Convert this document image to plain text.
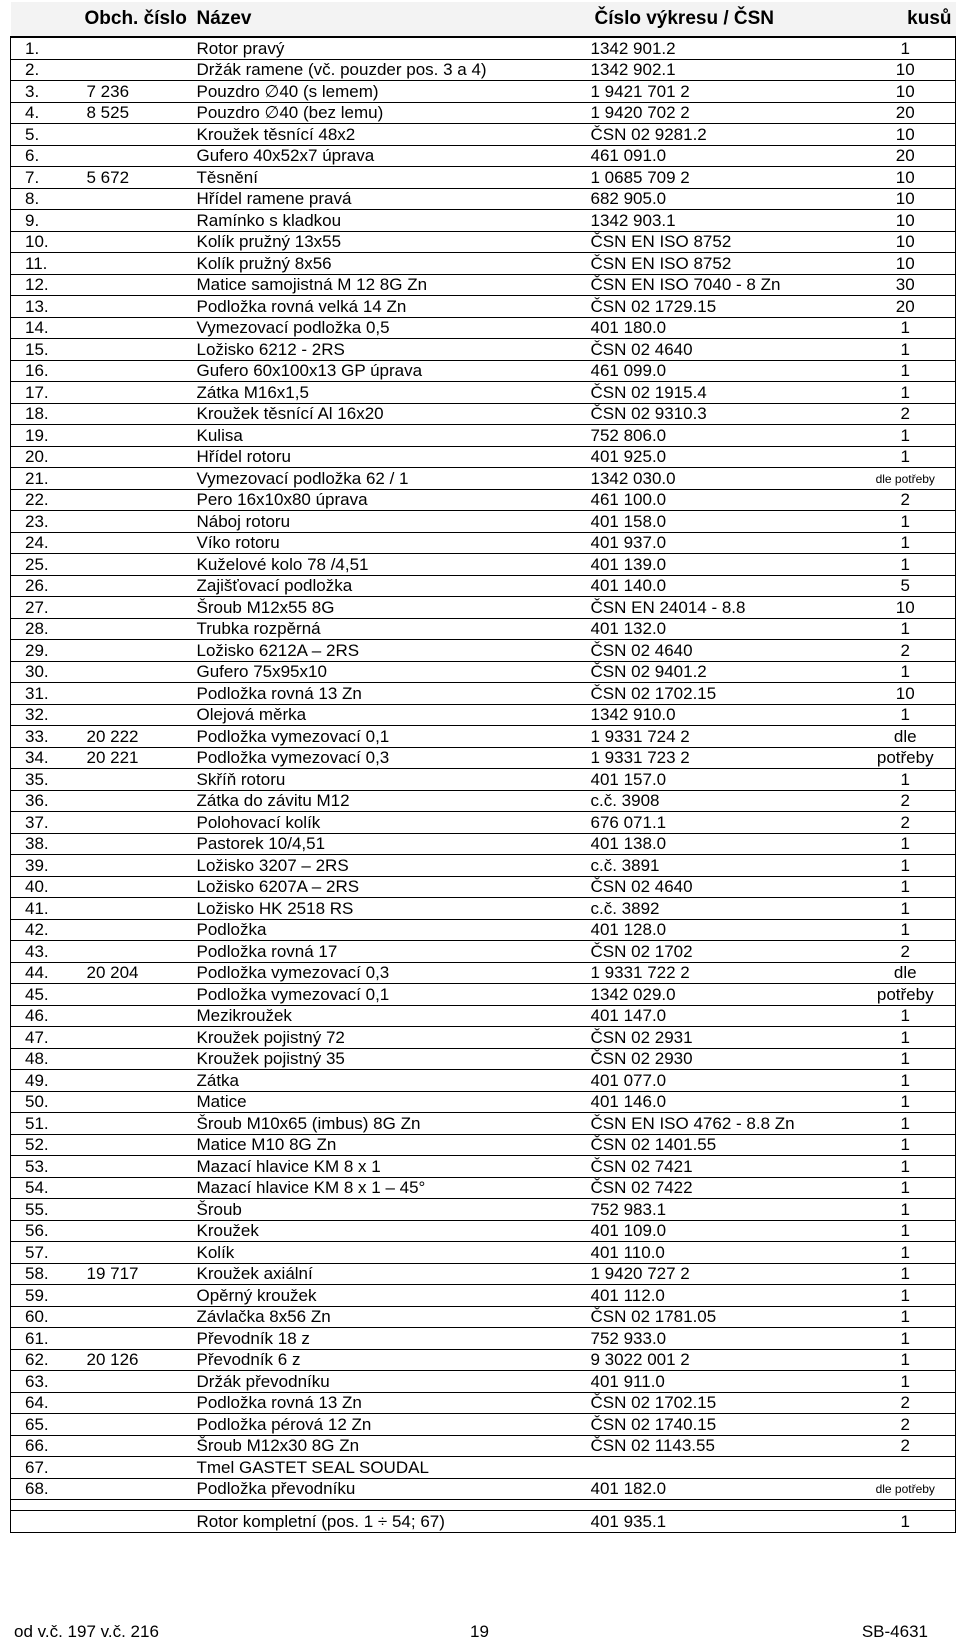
	Obch. číslo	Název	Číslo výkresu / ČSN	kusů
1.		Rotor pravý	1342 901.2	1
2.		Držák ramene (vč. pouzder pos. 3 a 4)	1342 902.1	10
3.	7 236	Pouzdro ∅40 (s lemem)	1 9421 701 2	10
4.	8 525	Pouzdro ∅40 (bez lemu)	1 9420 702 2	20
5.		Kroužek těsnící 48x2	ČSN 02 9281.2	10
6.		Gufero 40x52x7 úprava	461 091.0	20
7.	5 672	Těsnění	1 0685 709 2	10
8.		Hřídel ramene pravá	682 905.0	10
9.		Ramínko s kladkou	1342 903.1	10
10.		Kolík pružný 13x55	ČSN EN ISO 8752	10
11.		Kolík pružný 8x56	ČSN EN ISO 8752	10
12.		Matice samojistná M 12 8G Zn	ČSN EN ISO 7040 - 8 Zn	30
13.		Podložka rovná velká 14 Zn	ČSN 02 1729.15	20
14.		Vymezovací podložka 0,5	401 180.0	1
15.		Ložisko 6212 - 2RS	ČSN 02 4640	1
16.		Gufero 60x100x13 GP úprava	461 099.0	1
17.		Zátka M16x1,5	ČSN 02 1915.4	1
18.		Kroužek těsnící Al 16x20	ČSN 02 9310.3	2
19.		Kulisa	752 806.0	1
20.		Hřídel rotoru	401 925.0	1
21.		Vymezovací podložka 62 / 1	1342 030.0	dle potřeby
22.		Pero 16x10x80 úprava	461 100.0	2
23.		Náboj rotoru	401 158.0	1
24.		Víko rotoru	401 937.0	1
25.		Kuželové kolo 78 /4,51	401 139.0	1
26.		Zajišťovací podložka	401 140.0	5
27.		Šroub M12x55 8G	ČSN EN 24014 - 8.8	10
28.		Trubka rozpěrná	401 132.0	1
29.		Ložisko 6212A – 2RS	ČSN 02 4640	2
30.		Gufero 75x95x10	ČSN 02 9401.2	1
31.		Podložka rovná 13 Zn	ČSN 02 1702.15	10
32.		Olejová měrka	1342 910.0	1
33.	20 222	Podložka vymezovací 0,1	1 9331 724 2	dle
34.	20 221	Podložka vymezovací 0,3	1 9331 723 2	potřeby
35.		Skříň rotoru	401 157.0	1
36.		Zátka do závitu M12	c.č. 3908	2
37.		Polohovací kolík	676 071.1	2
38.		Pastorek 10/4,51	401 138.0	1
39.		Ložisko 3207 – 2RS	c.č. 3891	1
40.		Ložisko 6207A – 2RS	ČSN 02 4640	1
41.		Ložisko HK 2518 RS	c.č. 3892	1
42.		Podložka	401 128.0	1
43.		Podložka rovná 17	ČSN 02 1702	2
44.	20 204	Podložka vymezovací 0,3	1 9331 722 2	dle
45.		Podložka vymezovací 0,1	1342 029.0	potřeby
46.		Mezikroužek	401 147.0	1
47.		Kroužek pojistný 72	ČSN 02 2931	1
48.		Kroužek pojistný 35	ČSN 02 2930	1
49.		Zátka	401 077.0	1
50.		Matice	401 146.0	1
51.		Šroub M10x65 (imbus) 8G Zn	ČSN EN ISO 4762 - 8.8 Zn	1
52.		Matice M10 8G Zn	ČSN 02 1401.55	1
53.		Mazací hlavice KM 8 x 1	ČSN 02 7421	1
54.		Mazací hlavice KM 8 x 1 – 45°	ČSN 02 7422	1
55.		Šroub	752 983.1	1
56.		Kroužek	401 109.0	1
57.		Kolík	401 110.0	1
58.	19 717	Kroužek axiální	1 9420 727 2	1
59.		Opěrný kroužek	401 112.0	1
60.		Závlačka 8x56 Zn	ČSN 02 1781.05	1
61.		Převodník 18 z	752 933.0	1
62.	20 126	Převodník 6 z	9 3022 001 2	1
63.		Držák převodníku	401 911.0	1
64.		Podložka rovná 13 Zn	ČSN 02 1702.15	2
65.		Podložka pérová 12 Zn	ČSN 02 1740.15	2
66.		Šroub M12x30 8G Zn	ČSN 02 1143.55	2
67.		Tmel GASTET SEAL SOUDAL		
68.		Podložka převodníku	401 182.0	dle potřeby

		Rotor kompletní (pos. 1 ÷ 54; 67)	401 935.1	1
od v.č. 197 v.č. 216	19	SB-4631
